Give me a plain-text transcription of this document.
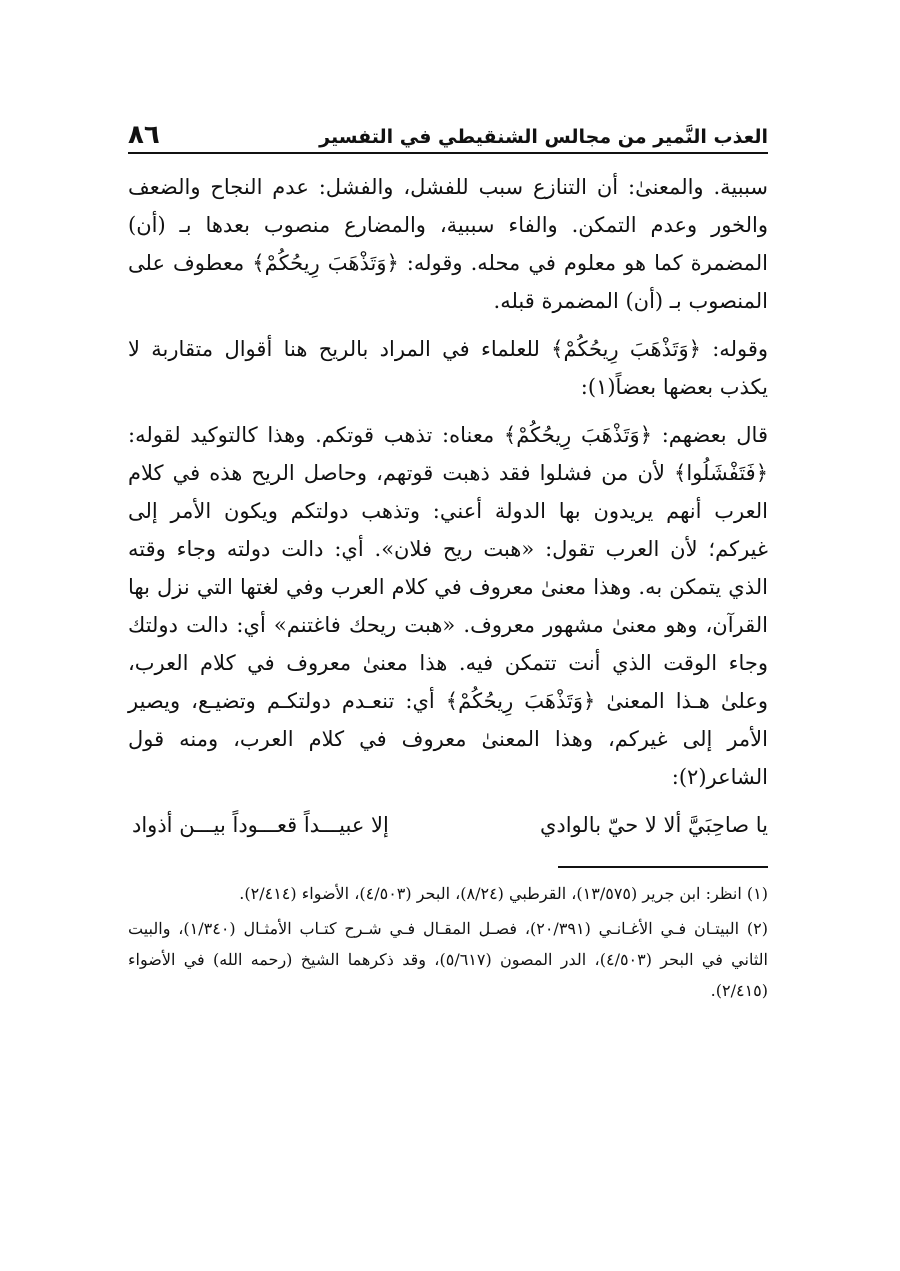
العذب النَّمير من مجالس الشنقيطي في التفسير
٨٦

سببية. والمعنىٰ: أن التنازع سبب للفشل، والفشل: عدم النجاح والضعف والخور وعدم التمكن. والفاء سببية، والمضارع منصوب بعدها بـ (أن) المضمرة كما هو معلوم في محله. وقوله: ﴿وَتَذْهَبَ رِيحُكُمْ﴾ معطوف على المنصوب بـ (أن) المضمرة قبله.

وقوله: ﴿وَتَذْهَبَ رِيحُكُمْ﴾ للعلماء في المراد بالريح هنا أقوال متقاربة لا يكذب بعضها بعضاً(١):

قال بعضهم: ﴿وَتَذْهَبَ رِيحُكُمْ﴾ معناه: تذهب قوتكم. وهذا كالتوكيد لقوله: ﴿فَتَفْشَلُوا﴾ لأن من فشلوا فقد ذهبت قوتهم، وحاصل الريح هذه في كلام العرب أنهم يريدون بها الدولة أعني: وتذهب دولتكم ويكون الأمر إلى غيركم؛ لأن العرب تقول: «هبت ريح فلان». أي: دالت دولته وجاء وقته الذي يتمكن به. وهذا معنىٰ معروف في كلام العرب وفي لغتها التي نزل بها القرآن، وهو معنىٰ مشهور معروف. «هبت ريحك فاغتنم» أي: دالت دولتك وجاء الوقت الذي أنت تتمكن فيه. هذا معنىٰ معروف في كلام العرب، وعلىٰ هـذا المعنىٰ ﴿وَتَذْهَبَ رِيحُكُمْ﴾ أي: تنعـدم دولتكـم وتضيـع، ويصير الأمر إلى غيركم، وهذا المعنىٰ معروف في كلام العرب، ومنه قول الشاعر(٢):

يا صاحِبَيَّ ألا لا حيّ بالوادي
إلا عبيـــداً قعـــوداً بيـــن أذواد

(١) انظر: ابن جرير (١٣/٥٧٥)، القرطبي (٨/٢٤)، البحر (٤/٥٠٣)، الأضواء (٢/٤١٤).

(٢) البيتـان فـي الأغـانـي (٢٠/٣٩١)، فصـل المقـال فـي شـرح كتـاب الأمثـال (١/٣٤٠)، والبيت الثاني في البحر (٤/٥٠٣)، الدر المصون (٥/٦١٧)، وقد ذكرهما الشيخ (رحمه الله) في الأضواء (٢/٤١٥).
